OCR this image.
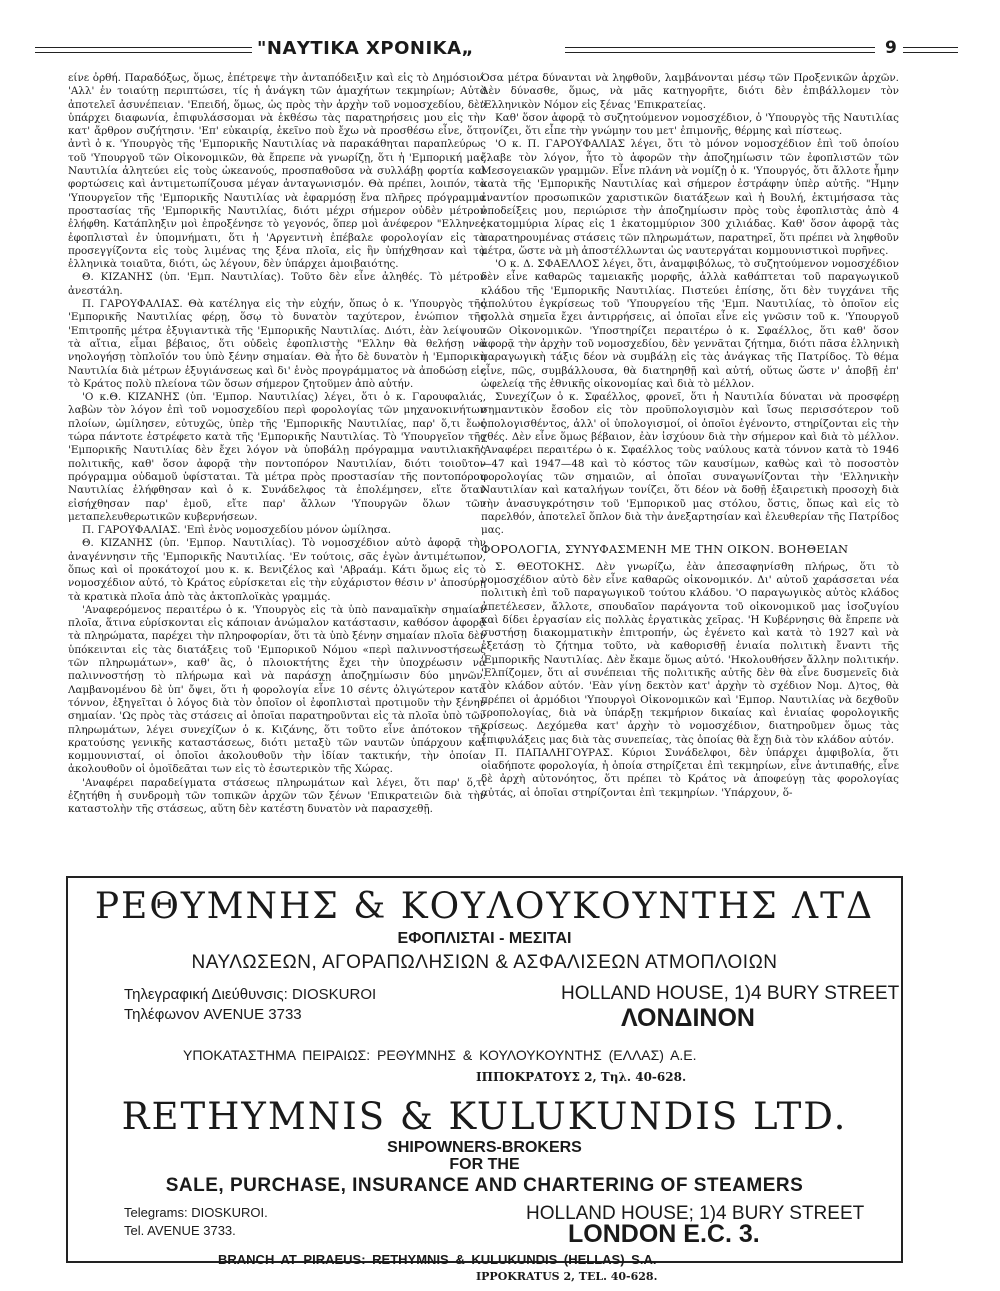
"ΝΑΥΤΙΚΑ ΧΡΟΝΙΚΑ„	9

είνε ὀρθή. Παραδόξως, ὅμως, ἐπέτρεψε τὴν ἀνταπόδειξιν καὶ εἰς τὸ Δημόσιον. 'Αλλ' ἐν τοιαύτῃ περιπτώσει, τίς ἡ ἀνάγκη τῶν ἀμαχήτων τεκμηρίων; Αὐτὸ ἀποτελεῖ ἀσυνέπειαν. 'Επειδή, ὅμως, ὡς πρὸς τὴν ἀρχὴν τοῦ νομοσχεδίου, δὲν ὑπάρχει διαφωνία, ἐπιφυλάσσομαι νὰ ἐκθέσω τὰς παρατηρήσεις μου εἰς τὴν κατ' ἄρθρον συζήτησιν. 'Επ' εὐκαιρίᾳ, ἐκεῖνο ποὺ ἔχω νὰ προσθέσω εἶνε, ὅτι, ἀντὶ ὁ κ. 'Υπουργὸς τῆς 'Εμπορικῆς Ναυτιλίας νὰ παρακάθηται παραπλεύρως τοῦ 'Υπουργοῦ τῶν Οἰκονομικῶν, θὰ ἔπρεπε νὰ γνωρίζῃ, ὅτι ἡ 'Εμπορική μας Ναυτιλία ἀλητεύει εἰς τοὺς ὠκεανούς, προσπαθοῦσα νὰ συλλάβῃ φορτία καὶ φορτώσεις καὶ ἀντιμετωπίζουσα μέγαν ἀνταγωνισμόν. Θὰ πρέπει, λοιπόν, τὸ 'Υπουργεῖον τῆς 'Εμπορικῆς Ναυτιλίας νὰ ἐφαρμόσῃ ἕνα πλῆρες πρόγραμμα προστασίας τῆς 'Εμπορικῆς Ναυτιλίας, διότι μέχρι σήμερον οὐδὲν μέτρον ἐλήφθη. Κατάπληξιν μοὶ ἐπροξένησε τὸ γεγονός, ὅπερ μοὶ ἀνέφερον "Ελληνες ἐφοπλισταὶ ἐν ὑπομνήματι, ὅτι ἡ 'Αργεντινὴ ἐπέβαλε φορολογίαν εἰς τὰ προσεγγίζοντα εἰς τοὺς λιμένας της ξένα πλοῖα, εἰς ἣν ὑπήχθησαν καὶ τὰ ἑλληνικὰ τοιαῦτα, διότι, ὡς λέγουν, δὲν ὑπάρχει ἀμοιβαιότης.

Θ. ΚΙΖΑΝΗΣ (ὑπ. 'Εμπ. Ναυτιλίας). Τοῦτο δὲν εἶνε ἀληθές. Τὸ μέτρον ἀνεστάλη.

Π. ΓΑΡΟΥΦΑΛΙΑΣ. Θὰ κατέληγα εἰς τὴν εὐχήν, ὅπως ὁ κ. 'Υπουργὸς τῆς 'Εμπορικῆς Ναυτιλίας φέρῃ, ὅσῳ τὸ δυνατὸν ταχύτερον, ἐνώπιον τῆς 'Επιτροπῆς μέτρα ἐξυγιαντικὰ τῆς 'Εμπορικῆς Ναυτιλίας. Διότι, ἐὰν λείψουν τὰ αἴτια, εἶμαι βέβαιος, ὅτι οὐδεὶς ἐφοπλιστὴς "Ελλην θὰ θελήσῃ νὰ νηολογήσῃ τὸπλοῖόν του ὑπὸ ξένην σημαίαν. Θὰ ἦτο δὲ δυνατὸν ἡ 'Εμπορικὴ Ναυτιλία διὰ μέτρων ἐξυγιάνσεως καὶ δι' ἑνὸς προγράμματος νὰ ἀποδώσῃ εἰς τὸ Κράτος πολὺ πλείονα τῶν ὅσων σήμερον ζητοῦμεν ἀπὸ αὐτήν.

'Ο κ.Θ. ΚΙΖΑΝΗΣ (ὑπ. 'Εμπορ. Ναυτιλίας) λέγει, ὅτι ὁ κ. Γαρουφαλιάς, λαβὼν τὸν λόγον ἐπὶ τοῦ νομοσχεδίου περὶ φορολογίας τῶν μηχανοκινήτων πλοίων, ὡμίλησεν, εὐτυχῶς, ὑπὲρ τῆς 'Εμπορικῆς Ναυτιλίας, παρ' ὅ,τι ἕως τώρα πάντοτε ἐστρέφετο κατὰ τῆς 'Εμπορικῆς Ναυτιλίας. Τὸ 'Υπουργεῖον τῆς 'Εμπορικῆς Ναυτιλίας δὲν ἔχει λόγον νὰ ὑποβάλῃ πρόγραμμα ναυτιλιακῆς πολιτικῆς, καθ' ὅσον ἀφορᾷ τὴν ποντοπόρον Ναυτιλίαν, διότι τοιοῦτον πρόγραμμα οὐδαμοῦ ὑφίσταται. Τὰ μέτρα πρὸς προστασίαν τῆς ποντοπόρου Ναυτιλίας ἐλήφθησαν καὶ ὁ κ. Συνάδελφος τὰ ἐπολέμησεν, εἴτε ὅταν εἰσήχθησαν παρ' ἐμοῦ, εἴτε παρ' ἄλλων 'Υπουργῶν ὅλων τῶν μεταπελευθερωτικῶν κυβερνήσεων.

Π. ΓΑΡΟΥΦΑΛΙΑΣ. 'Επὶ ἑνὸς νομοσχεδίου μόνον ὡμίλησα.

Θ. ΚΙΖΑΝΗΣ (ὑπ. 'Εμπορ. Ναυτιλίας). Τὸ νομοσχέδιον αὐτὸ ἀφορᾷ τὴν ἀναγέννησιν τῆς 'Εμπορικῆς Ναυτιλίας. 'Εν τούτοις, σᾶς ἐγὼν ἀντιμέτωπον, ὅπως καὶ οἱ προκάτοχοί μου κ. κ. Βενιζέλος καὶ 'Αβραάμ. Κάτι ὅμως εἰς τὸ νομοσχέδιον αὐτό, τὸ Κράτος εὑρίσκεται εἰς τὴν εὐχάριστον θέσιν ν' ἀποσύρῃ τὰ κρατικὰ πλοῖα ἀπὸ τὰς ἀκτοπλοϊκὰς γραμμάς.

'Αναφερόμενος περαιτέρω ὁ κ. 'Υπουργὸς εἰς τὰ ὑπὸ παναμαϊκὴν σημαίαν πλοῖα, ἅτινα εὑρίσκονται εἰς κάποιαν ἀνώμαλον κατάστασιν, καθόσον ἀφορᾷ τὰ πληρώματα, παρέχει τὴν πληροφορίαν, ὅτι τὰ ὑπὸ ξένην σημαίαν πλοῖα δὲν ὑπόκεινται εἰς τὰς διατάξεις τοῦ 'Εμπορικοῦ Νόμου «περὶ παλιννοστήσεως τῶν πληρωμάτων», καθ' ἃς, ὁ πλοιοκτήτης ἔχει τὴν ὑποχρέωσιν νὰ παλιννοστήσῃ τὸ πλήρωμα καὶ νὰ παράσχῃ ἀποζημίωσιν δύο μηνῶν. Λαμβανομένου δὲ ὑπ' ὄψει, ὅτι ἡ φορολογία εἶνε 10 σέντς ὀλιγώτερον κατὰ τόννον, ἐξηγεῖται ὁ λόγος διὰ τὸν ὁποῖον οἱ ἐφοπλισταὶ προτιμοῦν τὴν ξένην σημαίαν. 'Ως πρὸς τὰς στάσεις αἱ ὁποῖαι παρατηροῦνται εἰς τὰ πλοῖα ὑπὸ τῶν πληρωμάτων, λέγει συνεχίζων ὁ κ. Κιζάνης, ὅτι τοῦτο εἶνε ἀπότοκον τῆς κρατούσης γενικῆς καταστάσεως, διότι μεταξὺ τῶν ναυτῶν ὑπάρχουν καὶ κομμουνισταί, οἱ ὁποῖοι ἀκολουθοῦν τὴν ἰδίαν τακτικήν, τὴν ὁποίαν ἀκολουθοῦν οἱ ὁμοϊδεᾶται των εἰς τὸ ἐσωτερικὸν τῆς Χώρας.

'Αναφέρει παραδείγματα στάσεως πληρωμάτων καὶ λέγει, ὅτι παρ' ὅ,τι ἐζητήθη ἡ συνδρομὴ τῶν τοπικῶν ἀρχῶν τῶν ξένων 'Επικρατειῶν διὰ τὴν καταστολὴν τῆς στάσεως, αὕτη δὲν κατέστη δυνατὸν νὰ παρασχεθῇ.

Όσα μέτρα δύνανται νὰ ληφθοῦν, λαμβάνονται μέσῳ τῶν Προξενικῶν ἀρχῶν. Δὲν δύνασθε, ὅμως, νὰ μᾶς κατηγορῆτε, διότι δὲν ἐπιβάλλομεν τὸν 'Ελληνικὸν Νόμον εἰς ξένας 'Επικρατείας.

Καθ' ὅσον ἀφορᾷ τὸ συζητούμενον νομοσχέδιον, ὁ 'Υπουργὸς τῆς Ναυτιλίας τονίζει, ὅτι εἶπε τὴν γνώμην του μετ' ἐπιμονῆς, θέρμης καὶ πίστεως.

'Ο κ. Π. ΓΑΡΟΥΦΑΛΙΑΣ λέγει, ὅτι τὸ μόνον νομοσχέδιον ἐπὶ τοῦ ὁποίου ἔλαβε τὸν λόγον, ἦτο τὸ ἀφορῶν τὴν ἀποζημίωσιν τῶν ἐφοπλιστῶν τῶν Μεσογειακῶν γραμμῶν. Εἶνε πλάνη νὰ νομίζῃ ὁ κ. 'Υπουργός, ὅτι ἄλλοτε ἦμην κατὰ τῆς 'Εμπορικῆς Ναυτιλίας καὶ σήμερον ἐστράφην ὑπὲρ αὐτῆς. "Ημην ἐναντίον προσωπικῶν χαριστικῶν διατάξεων καὶ ἡ Βουλή, ἐκτιμήσασα τὰς ὑποδείξεις μου, περιώρισε τὴν ἀποζημίωσιν πρὸς τοὺς ἐφοπλιστὰς ἀπὸ 4 ἑκατομμύρια λίρας εἰς 1 ἑκατομμύριον 300 χιλιάδας. Καθ' ὅσον ἀφορᾷ τὰς παρατηρουμένας στάσεις τῶν πληρωμάτων, παρατηρεῖ, ὅτι πρέπει νὰ ληφθοῦν μέτρα, ὥστε νὰ μὴ ἀποστέλλωνται ὡς ναυτεργάται κομμουνιστικοὶ πυρῆνες.

'Ο κ. Δ. ΣΦΑΕΛΛΟΣ λέγει, ὅτι, ἀναμφιβόλως, τὸ συζητούμενον νομοσχέδιον δὲν εἶνε καθαρῶς ταμειακῆς μορφῆς, ἀλλὰ καθάπτεται τοῦ παραγωγικοῦ κλάδου τῆς 'Εμπορικῆς Ναυτιλίας. Πιστεύει ἐπίσης, ὅτι δὲν τυγχάνει τῆς ἀπολύτου ἐγκρίσεως τοῦ 'Υπουργείου τῆς 'Εμπ. Ναυτιλίας, τὸ ὁποῖον εἰς πολλὰ σημεῖα ἔχει ἀντιρρήσεις, αἱ ὁποῖαι εἶνε εἰς γνῶσιν τοῦ κ. 'Υπουργοῦ τῶν Οἰκονομικῶν. 'Υποστηρίζει περαιτέρω ὁ κ. Σφαέλλος, ὅτι καθ' ὅσον ἀφορᾷ τὴν ἀρχὴν τοῦ νομοσχεδίου, δὲν γεννᾶται ζήτημα, διότι πᾶσα ἑλληνικὴ παραγωγικὴ τάξις δέον νὰ συμβάλῃ εἰς τὰς ἀνάγκας τῆς Πατρίδος. Τὸ θέμα εἶνε, πῶς, συμβάλλουσα, θὰ διατηρηθῇ καὶ αὐτή, οὕτως ὥστε ν' ἀποβῇ ἐπ' ὠφελείᾳ τῆς ἐθνικῆς οἰκονομίας καὶ διὰ τὸ μέλλον.

Συνεχίζων ὁ κ. Σφαέλλος, φρονεῖ, ὅτι ἡ Ναυτιλία δύναται νὰ προσφέρῃ σημαντικὸν ἔσοδον εἰς τὸν προϋπολογισμὸν καὶ ἴσως περισσότερον τοῦ ὑπολογισθέντος, ἀλλ' οἱ ὑπολογισμοί, οἱ ὁποῖοι ἐγένοντο, στηρίζονται εἰς τὴν χθές. Δὲν εἶνε ὅμως βέβαιον, ἐὰν ἰσχύουν διὰ τὴν σήμερον καὶ διὰ τὸ μέλλον. 'Αναφέρει περαιτέρω ὁ κ. Σφαέλλος τοὺς ναύλους κατὰ τόννον κατὰ τὸ 1946—47 καὶ 1947—48 καὶ τὸ κόστος τῶν καυσίμων, καθὼς καὶ τὸ ποσοστὸν φορολογίας τῶν σημαιῶν, αἱ ὁποῖαι συναγωνίζονται τὴν 'Ελληνικὴν Ναυτιλίαν καὶ καταλήγων τονίζει, ὅτι δέον νὰ δοθῇ ἐξαιρετικὴ προσοχὴ διὰ τὴν ἀνασυγκρότησιν τοῦ 'Εμπορικοῦ μας στόλου, ὅστις, ὅπως καὶ εἰς τὸ παρελθόν, ἀποτελεῖ ὅπλον διὰ τὴν ἀνεξαρτησίαν καὶ ἐλευθερίαν τῆς Πατρίδος μας.

ΦΟΡΟΛΟΓΙΑ, ΣΥΝΥΦΑΣΜΕΝΗ ΜΕ ΤΗΝ ΟΙΚΟΝ. ΒΟΗΘΕΙΑΝ

Σ. ΘΕΟΤΟΚΗΣ. Δὲν γνωρίζω, ἐὰν ἀπεσαφηνίσθη πλήρως, ὅτι τὸ νομοσχέδιον αὐτὸ δὲν εἶνε καθαρῶς οἰκονομικόν. Δι' αὐτοῦ χαράσσεται νέα πολιτικὴ ἐπὶ τοῦ παραγωγικοῦ τούτου κλάδου. 'Ο παραγωγικὸς αὐτὸς κλάδος ἀπετέλεσεν, ἄλλοτε, σπουδαῖον παράγοντα τοῦ οἰκονομικοῦ μας ἰσοζυγίου καὶ δίδει ἐργασίαν εἰς πολλὰς ἐργατικὰς χεῖρας. 'Η Κυβέρνησις θὰ ἔπρεπε νὰ συστήσῃ διακομματικὴν ἐπιτροπήν, ὡς ἐγένετο καὶ κατὰ τὸ 1927 καὶ νὰ ἐξετάσῃ τὸ ζήτημα τοῦτο, νὰ καθορισθῇ ἑνιαία πολιτικὴ ἔναντι τῆς 'Εμπορικῆς Ναυτιλίας. Δὲν ἔκαμε ὅμως αὐτό. 'Ηκολουθήσεν ἄλλην πολιτικήν. 'Ελπίζομεν, ὅτι αἱ συνέπειαι τῆς πολιτικῆς αὐτῆς δὲν θὰ εἶνε δυσμενεῖς διὰ τὸν κλάδον αὐτόν. 'Εὰν γίνῃ δεκτὸν κατ' ἀρχὴν τὸ σχέδιον Νομ. Δ)τος, θὰ πρέπει οἱ ἁρμόδιοι 'Υπουργοὶ Οἰκονομικῶν καὶ 'Εμπορ. Ναυτιλίας νὰ δεχθοῦν τροπολογίας, διὰ νὰ ὑπάρξῃ τεκμήριον δικαίας καὶ ἑνιαίας φορολογικῆς κρίσεως. Δεχόμεθα κατ' ἀρχὴν τὸ νομοσχέδιον, διατηροῦμεν ὅμως τὰς ἐπιφυλάξεις μας διὰ τὰς συνεπείας, τὰς ὁποίας θὰ ἔχῃ διὰ τὸν κλάδον αὐτόν.

Π. ΠΑΠΑΛΗΓΟΥΡΑΣ. Κύριοι Συνάδελφοι, δὲν ὑπάρχει ἀμφιβολία, ὅτι οἱαδήποτε φορολογία, ἡ ὁποία στηρίζεται ἐπὶ τεκμηρίων, εἶνε ἀντιπαθής, εἶνε δὲ ἀρχὴ αὐτονόητος, ὅτι πρέπει τὸ Κράτος νὰ ἀποφεύγῃ τὰς φορολογίας αὐτάς, αἱ ὁποῖαι στηρίζονται ἐπὶ τεκμηρίων. 'Υπάρχουν, ὅ-

ΡΕΘΥΜΝΗΣ & ΚΟΥΛΟΥΚΟΥΝΤΗΣ ΛΤΔ
ΕΦΟΠΛΙΣΤΑΙ - ΜΕΣΙΤΑΙ
ΝΑΥΛΩΣΕΩΝ, ΑΓΟΡΑΠΩΛΗΣΙΩΝ & ΑΣΦΑΛΙΣΕΩΝ ΑΤΜΟΠΛΟΙΩΝ
Τηλεγραφική Διεύθυνσις: DIOSKUROI
Τηλέφωνον AVENUE 3733
HOLLAND HOUSE, 1)4 BURY STREET
ΛΟΝΔΙΝΟΝ
ΥΠΟΚΑΤΑΣΤΗΜΑ ΠΕΙΡΑΙΩΣ: ΡΕΘΥΜΝΗΣ & ΚΟΥΛΟΥΚΟΥΝΤΗΣ (ΕΛΛΑΣ) Α.Ε.
ΙΠΠΟΚΡΑΤΟΥΣ 2, Τηλ. 40-628.
RETHYMNIS & KULUKUNDIS LTD.
SHIPOWNERS-BROKERS
FOR THE
SALE, PURCHASE, INSURANCE AND CHARTERING OF STEAMERS
Telegrams: DIOSKUROI.
Tel. AVENUE 3733.
HOLLAND HOUSE; 1)4 BURY STREET
LONDON E.C. 3.
BRANCH AT PIRAEUS: RETHYMNIS & KULUKUNDIS (HELLAS) S.A.
IPPOKRATUS 2, TEL. 40-628.
